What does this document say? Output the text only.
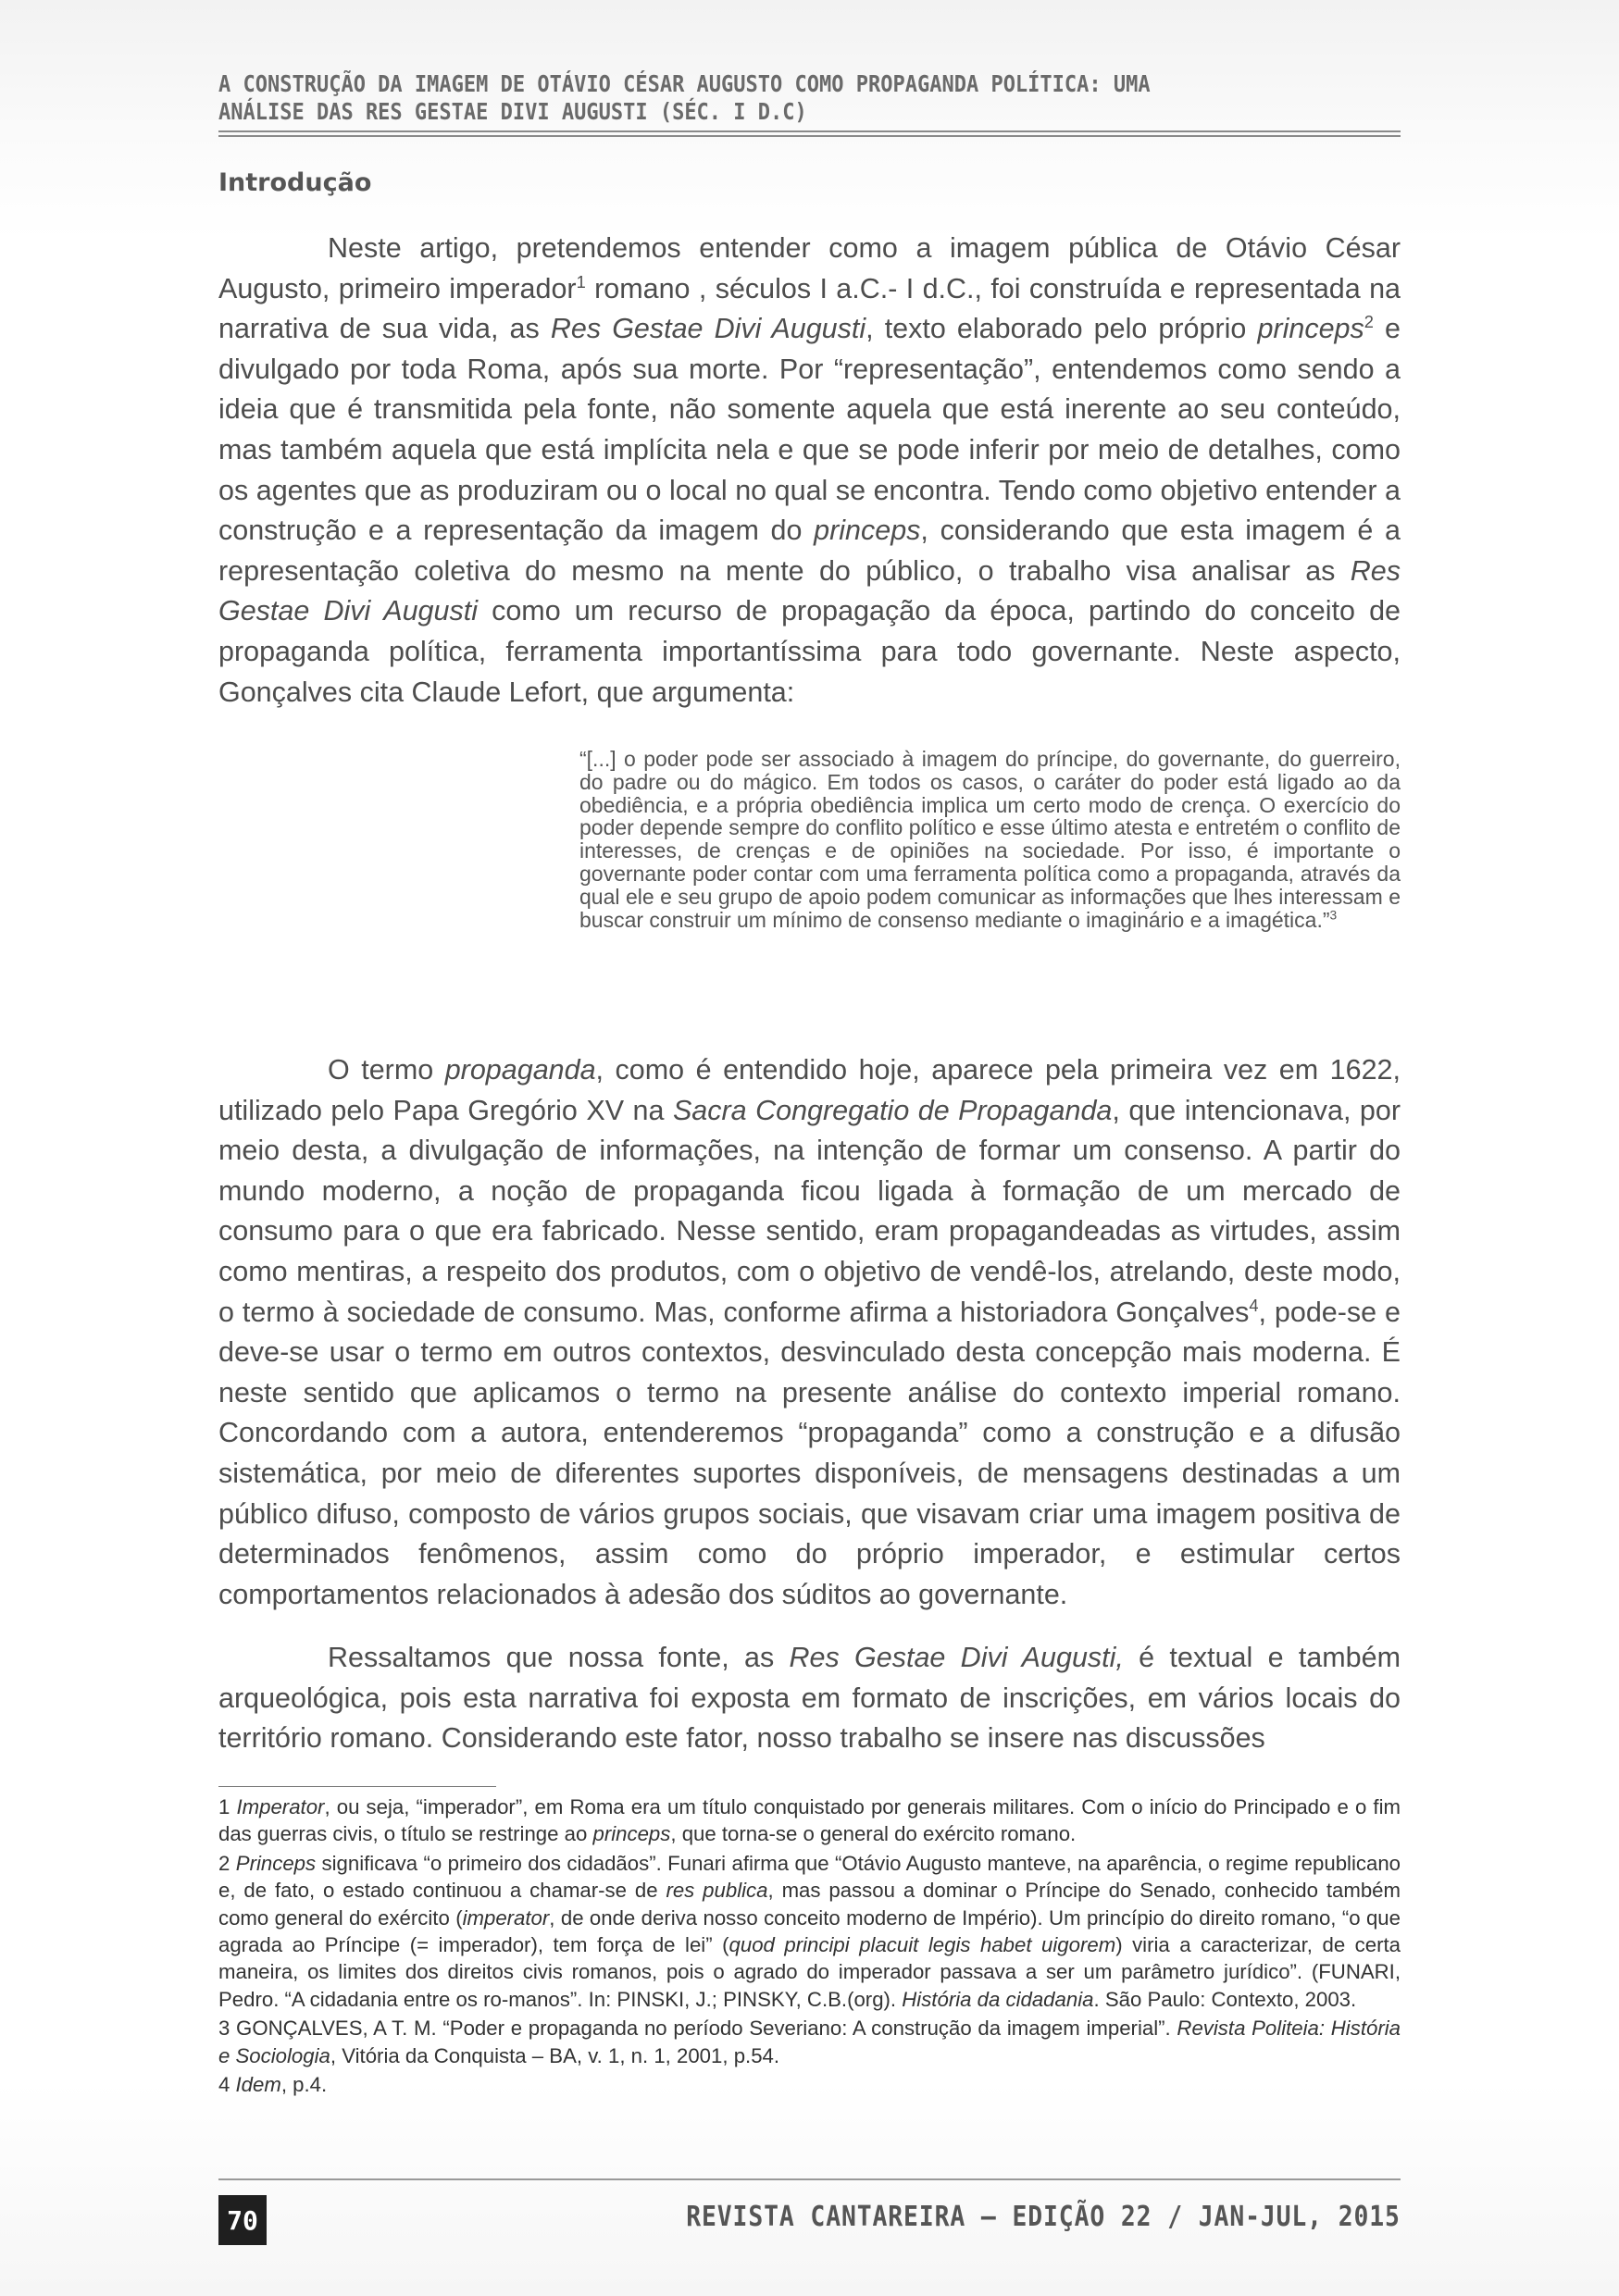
A CONSTRUÇÃO DA IMAGEM DE OTÁVIO CÉSAR AUGUSTO COMO PROPAGANDA POLÍTICA: UMA
ANÁLISE DAS RES GESTAE DIVI AUGUSTI (SÉC. I D.C)
Introdução

Neste artigo, pretendemos entender como a imagem pública de Otávio César Augusto, primeiro imperador$^1$ romano , séculos I a.C.- I d.C., foi construída e representada na narrativa de sua vida, as Res Gestae Divi Augusti, texto elaborado pelo próprio princeps$^2$ e divulgado por toda Roma, após sua morte. Por “representação”, entendemos como sendo a ideia que é transmitida pela fonte, não somente aquela que está inerente ao seu conteúdo, mas também aquela que está implícita nela e que se pode inferir por meio de detalhes, como os agentes que as produziram ou o local no qual se encontra. Tendo como objetivo entender a construção e a representação da imagem do princeps, considerando que esta imagem é a representação coletiva do mesmo na mente do público, o trabalho visa analisar as Res Gestae Divi Augusti como um recurso de propagação da época, partindo do conceito de propaganda política, ferramenta importantíssima para todo governante. Neste aspecto, Gonçalves cita Claude Lefort, que argumenta:

“[...] o poder pode ser associado à imagem do príncipe, do governante, do guerreiro, do padre ou do mágico. Em todos os casos, o caráter do poder está ligado ao da obediência, e a própria obediência implica um certo modo de crença. O exercício do poder depende sempre do conflito político e esse último atesta e entretém o conflito de interesses, de crenças e de opiniões na sociedade. Por isso, é importante o governante poder contar com uma ferramenta política como a propaganda, através da qual ele e seu grupo de apoio podem comunicar as informações que lhes interessam e buscar construir um mínimo de consenso mediante o imaginário e a imagética.”$^3$

O termo propaganda, como é entendido hoje, aparece pela primeira vez em 1622, utilizado pelo Papa Gregório XV na Sacra Congregatio de Propaganda, que intencionava, por meio desta, a divulgação de informações, na intenção de formar um consenso. A partir do mundo moderno, a noção de propaganda ficou ligada à formação de um mercado de consumo para o que era fabricado. Nesse sentido, eram propagandeadas as virtudes, assim como mentiras, a respeito dos produtos, com o objetivo de vendê-los, atrelando, deste modo, o termo à sociedade de consumo. Mas, conforme afirma a historiadora Gonçalves$^4$, pode-se e deve-se usar o termo em outros contextos, desvinculado desta concepção mais moderna. É neste sentido que aplicamos o termo na presente análise do contexto imperial romano. Concordando com a autora, entenderemos “propaganda” como a construção e a difusão sistemática, por meio de diferentes suportes disponíveis, de mensagens destinadas a um público difuso, composto de vários grupos sociais, que visavam criar uma imagem positiva de determinados fenômenos, assim como do próprio imperador, e estimular certos comportamentos relacionados à adesão dos súditos ao governante.

Ressaltamos que nossa fonte, as Res Gestae Divi Augusti, é textual e também arqueológica, pois esta narrativa foi exposta em formato de inscrições, em vários locais do território romano. Considerando este fator, nosso trabalho se insere nas discussões

1 Imperator, ou seja, “imperador”, em Roma era um título conquistado por generais militares. Com o início do Principado e o fim das guerras civis, o título se restringe ao princeps, que torna-se o general do exército romano.

2 Princeps significava “o primeiro dos cidadãos”. Funari afirma que “Otávio Augusto manteve, na aparência, o regime republicano e, de fato, o estado continuou a chamar-se de res publica, mas passou a dominar o Príncipe do Senado, conhecido também como general do exército (imperator, de onde deriva nosso conceito moderno de Império). Um princípio do direito romano, “o que agrada ao Príncipe (= imperador), tem força de lei” (quod principi placuit legis habet uigorem) viria a caracterizar, de certa maneira, os limites dos direitos civis romanos, pois o agrado do imperador passava a ser um parâmetro jurídico”. (FUNARI, Pedro. “A cidadania entre os ro-manos”. In: PINSKI, J.; PINSKY, C.B.(org). História da cidadania. São Paulo: Contexto, 2003.

3 GONÇALVES, A T. M. “Poder e propaganda no período Severiano: A construção da imagem imperial”. Revista Politeia: História e Sociologia, Vitória da Conquista – BA, v. 1, n. 1, 2001, p.54.

4 Idem, p.4.

70	REVISTA CANTAREIRA – EDIÇÃO 22 / JAN-JUL, 2015
